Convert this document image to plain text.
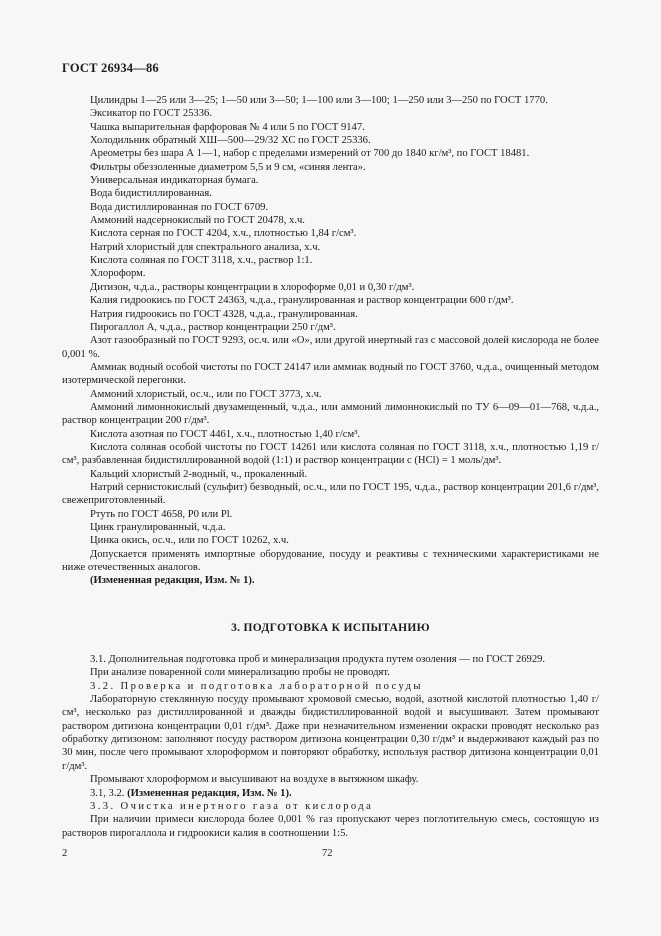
ГОСТ 26934—86

Цилиндры 1—25 или 3—25; 1—50 или 3—50; 1—100 или 3—100; 1—250 или 3—250 по ГОСТ 1770.

Эксикатор по ГОСТ 25336.

Чашка выпарительная фарфоровая № 4 или 5 по ГОСТ 9147.

Холодильник обратный ХШ—500—29/32 ХС по ГОСТ 25336.

Ареометры без шара А 1—1, набор с пределами измерений от 700 до 1840 кг/м³, по ГОСТ 18481.

Фильтры обеззоленные диаметром 5,5 и 9 см, «синяя лента».

Универсальная индикаторная бумага.

Вода бидистиллированная.

Вода дистиллированная по ГОСТ 6709.

Аммоний надсернокислый по ГОСТ 20478, х.ч.

Кислота серная по ГОСТ 4204, х.ч., плотностью 1,84 г/см³.

Натрий хлористый для спектрального анализа, х.ч.

Кислота соляная по ГОСТ 3118, х.ч., раствор 1:1.

Хлороформ.

Дитизон, ч.д.а., растворы концентрации в хлороформе 0,01 и 0,30 г/дм³.

Калия гидроокись по ГОСТ 24363, ч.д.а., гранулированная и раствор концентрации 600 г/дм³.

Натрия гидроокись по ГОСТ 4328, ч.д.а., гранулированная.

Пирогаллол А, ч.д.а., раствор концентрации 250 г/дм³.

Азот газообразный по ГОСТ 9293, ос.ч. или «О», или другой инертный газ с массовой долей кислорода не более 0,001 %.

Аммиак водный особой чистоты по ГОСТ 24147 или аммиак водный по ГОСТ 3760, ч.д.а., очищенный методом изотермической перегонки.

Аммоний хлористый, ос.ч., или по ГОСТ 3773, х.ч.

Аммоний лимоннокислый двузамещенный, ч.д.а., или аммоний лимоннокислый по ТУ 6—09—01—768, ч.д.а., раствор концентрации 200 г/дм³.

Кислота азотная по ГОСТ 4461, х.ч., плотностью 1,40 г/см³.

Кислота соляная особой чистоты по ГОСТ 14261 или кислота соляная по ГОСТ 3118, х.ч., плотностью 1,19 г/см³, разбавленная бидистиллированной водой (1:1) и раствор концентрации c (HCl) = 1 моль/дм³.

Кальций хлористый 2-водный, ч., прокаленный.

Натрий сернистокислый (сульфит) безводный, ос.ч., или по ГОСТ 195, ч.д.а., раствор концентрации 201,6 г/дм³, свежеприготовленный.

Ртуть по ГОСТ 4658, Р0 или Pl.

Цинк гранулированный, ч.д.а.

Цинка окись, ос.ч., или по ГОСТ 10262, х.ч.

Допускается применять импортные оборудование, посуду и реактивы с техническими характеристиками не ниже отечественных аналогов.

(Измененная редакция, Изм. № 1).

3. ПОДГОТОВКА К ИСПЫТАНИЮ

3.1. Дополнительная подготовка проб и минерализация продукта путем озоления — по ГОСТ 26929.

При анализе поваренной соли минерализацию пробы не проводят.

3.2. Проверка и подготовка лабораторной посуды

Лабораторную стеклянную посуду промывают хромовой смесью, водой, азотной кислотой плотностью 1,40 г/см³, несколько раз дистиллированной и дважды бидистиллированной водой и высушивают. Затем промывают раствором дитизона концентрации 0,01 г/дм³. Даже при незначительном изменении окраски проводят несколько раз обработку дитизоном: заполняют посуду раствором дитизона концентрации 0,30 г/дм³ и выдерживают каждый раз по 30 мин, после чего промывают хлороформом и повторяют обработку, используя раствор дитизона концентрации 0,01 г/дм³.

Промывают хлороформом и высушивают на воздухе в вытяжном шкафу.

3.1, 3.2. (Измененная редакция, Изм. № 1).

3.3. Очистка инертного газа от кислорода

При наличии примеси кислорода более 0,001 % газ пропускают через поглотительную смесь, состоящую из растворов пирогаллола и гидроокиси калия в соотношении 1:5.

2	72
